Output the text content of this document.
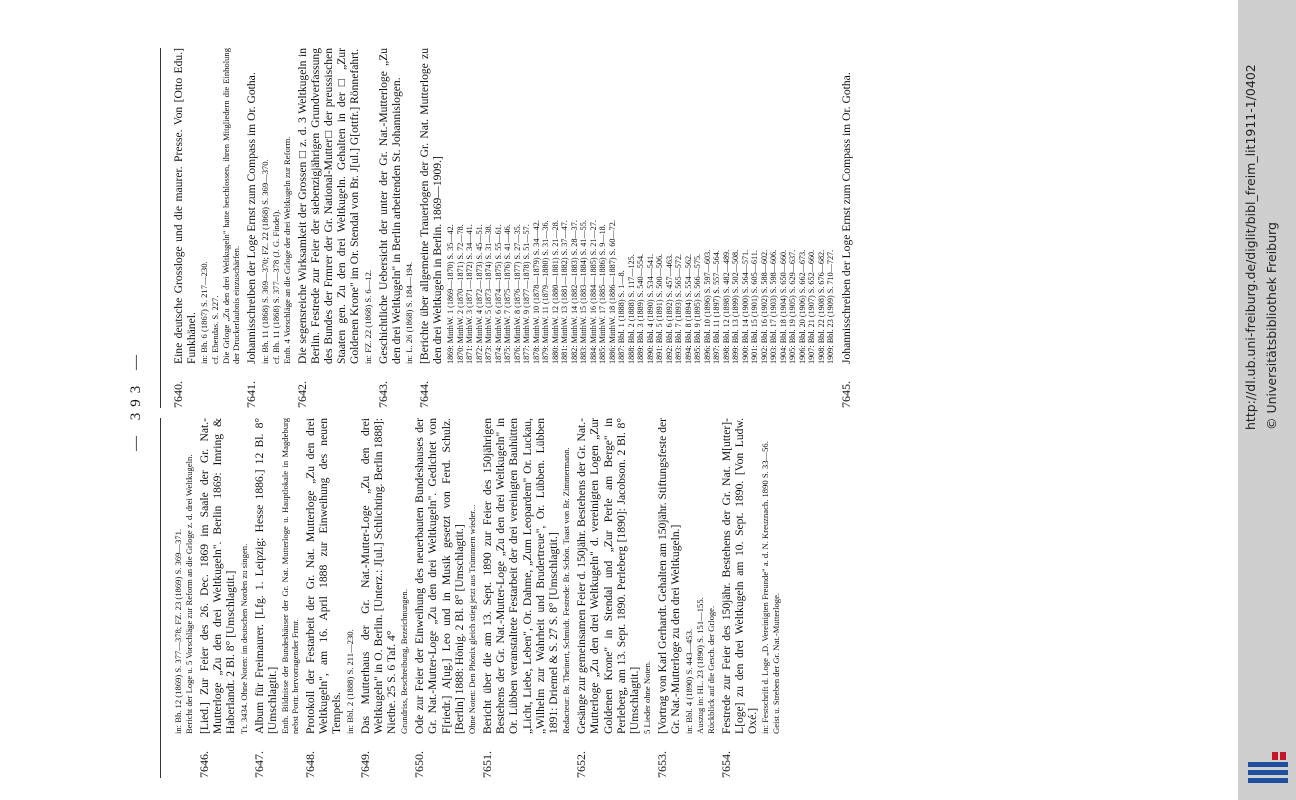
— 393 —	7640.
Eine deutsche Grossloge und die maurer. Presse. Von [Otto Edu.] Funkhänel. in: Bh. 6 (1867) S. 217—230. cf. Ebendas. S. 227. Die Grloge „Zu den drei Weltkugeln" hatte beschlossen, ihren Mitgliedern die Einholung der Druckerlaubnis einzuschärfen.
7641.
Johannisschreiben der Loge Ernst zum Compass im Or. Gotha. in: Bh. 11 (1868) S. 369—370; FZ. 22 (1868) S. 369—370. cf. Bh. 11 (1868) S. 377—378 (J. G. Findel). Enth. 4 Vorschläge an die Grloge der drei Weltkugeln zur Reform.
7642.
Die segensreiche Wirksamkeit der Grossen □ z. d. 3 Weltkugeln in Berlin. Festrede zur Feier der siebenzigjährigen Grundverfassung des Bundes der Frmrer der Gr. National-Mutter□ der preussischen Staaten gen. Zu den drei Weltkugeln. Gehalten in der □ „Zur Goldenen Krone" im Or. Stendal von Br. J[ul.] G[ottfr.] Rönnefahrt. in: FZ. 22 (1868) S. 6—12.
7643.
Geschichtliche Uebersicht der unter der Gr. Nat.-Mutterloge „Zu den drei Weltkugeln" in Berlin arbeitenden St. Johannislogen. in: L. 26 (1868) S. 184—194.
7644.
[Berichte über allgemeine Trauerlogen der Gr. Nat. Mutterloge zu den drei Weltkugeln in Berlin. 1869—1909.] 1869: MitthW. 1 (1869—1870) S. 35—42. 1870: MitthW. 2 (1870—1871) S. 72—78. 1871: MitthW. 3 (1871—1872) S. 34—41. 1872: MitthW. 4 (1872—1873) S. 45—51. 1873: MitthW. 5 (1873—1874) S. 31—38. 1874: MitthW. 6 (1874—1875) S. 55—61. 1875: MitthW. 7 (1875—1876) S. 41—46. 1876: MitthW. 8 (1876—1877) S. 27—35. 1877: MitthW. 9 (1877—1878) S. 51—57. 1878: MitthW. 10 (1878—1879) S. 34—42. 1879: MitthW. 11 (1879—1880) S. 31—36. 1880: MitthW. 12 (1880—1881) S. 21—28. 1881: MitthW. 13 (1881—1882) S. 37—47. 1882: MitthW. 14 (1882—1883) S. 28—37. 1883: MitthW. 15 (1883—1884) S. 41—55. 1884: MitthW. 16 (1884—1885) S. 21—27. 1885: MitthW. 17 (1885—1886) S. 9—18. 1886: MitthW. 18 (1886—1887) S. 60—72. 1887: Bbl. 1 (1888) S. 1—8. 1888: Bbl. 2 (1888) S. 117—125. 1889: Bbl. 3 (1889) S. 540—554. 1890: Bbl. 4 (1890) S. 534—541. 1891: Bbl. 5 (1891) S. 500—506. 1892: Bbl. 6 (1892) S. 457—463. 1893: Bbl. 7 (1893) S. 565—572. 1894: Bbl. 8 (1894) S. 554—562. 1895: Bbl. 9 (1895) S. 566—575. 1896: Bbl. 10 (1896) S. 597—603. 1897: Bbl. 11 (1897) S. 557—564. 1898: Bbl. 12 (1898) S. 482—489. 1899: Bbl. 13 (1899) S. 502—508. 1900: Bbl. 14 (1900) S. 564—571. 1901: Bbl. 15 (1901) S. 605—611. 1902: Bbl. 16 (1902) S. 588—602. 1903: Bbl. 17 (1903) S. 598—606. 1904: Bbl. 18 (1904) S. 650—660. 1905: Bbl. 19 (1905) S. 629—637. 1906: Bbl. 20 (1906) S. 662—673. 1907: Bbl. 21 (1907) S. 652—660. 1908: Bbl. 22 (1908) S. 676—682. 1909: Bbl. 23 (1909) S. 710—727.
7645.
Johannisschreiben der Loge Ernst zum Compass im Or. Gotha.
in: Bh. 12 (1869) S. 377—378; FZ. 23 (1869) S. 369—371. Bericht der Loge u. 5 Vorschläge zur Reform an die Grloge z. d. drei Weltkugeln.
7646.
[Lied.] Zur Feier des 26. Dec. 1869 im Saale der Gr. Nat.-Mutterloge „Zu den drei Weltkugeln". Berlin 1869: Imring & Haberlandt. 2 Bl. 8° [Umschlagtit.] Tt. 3434. Ohne Noten: im deutschen Norden zu singen.
7647.
Album für Freimaurer. [Lfg. 1. Leipzig: Hesse 1886.] 12 Bl. 8° [Umschlagtit.] Enth. Bildnisse der Bundeshäuser der Gr. Nat. Mutterloge u. Hauptlokale in Magdeburg nebst Portr. hervorragender Frmr.
7648.
Protokoll der Festarbeit der Gr. Nat. Mutterloge „Zu den drei Weltkugeln", am 16. April 1888 zur Einweihung des neuen Tempels. in: Bbl. 2 (1888) S. 211—230.
7649.
Das Mutterhaus der Gr. Nat.-Mutter-Loge „Zu den drei Weltkugeln" in O. Berlin. [Unterz.: J[ul.] Schlichting. Berlin 1888]: Niethe. 25 S. 6 Taf. 4° Grundriss, Beschreibung, Bezeichnungen.
7650.
Ode zur Feier der Einweihung des neuerbauten Bundeshauses der Gr. Nat.-Mutter-Loge „Zu den drei Weltkugeln". Gedichtet von F[riedr.] A[ug.] Leo und in Musik gesetzt von Ferd. Schulz. [Berlin] 1888: Hönig. 2 Bl. 8° [Umschlagtit.] Ohne Noten: Den Phönix gleich stieg jetzt aus Trümmern wieder...
7651.
Bericht über die am 13. Sept. 1890 zur Feier des 150jährigen Bestehens der Gr. Nat.-Mutter-Loge „Zu den drei Weltkugeln" in Or. Lübben veranstaltete Festarbeit der drei vereinigten Bauhütten „Licht, Liebe, Leben", Or. Dahme, „Zum Leopardem" Or. Luckau, „Wilhelm zur Wahrheit und Brudertreue", Or. Lübben. Lübben 1891: Driemel & S. 27 S. 8° [Umschlagtit.] Redacteur: Br. Theinert, Schmidt. Festrede: Br. Schön. Toast von Br. Zimmermann.
7652.
Gesänge zur gemeinsamen Feier d. 150jähr. Bestehens der Gr. Nat.-Mutterloge „Zu den drei Weltkugeln" d. vereinigten Logen „Zur Goldenen Krone" in Stendal und „Zur Perle am Berge" in Perleberg, am 13. Sept. 1890. Perleberg [1890]: Jacobson. 2 Bl. 8° [Umschlagtit.] 5 Lieder ohne Noten.
7653.
[Vortrag von Karl Gerhardt. Gehalten am 150jähr. Stiftungsfeste der Gr. Nat.-Mutterloge zu den drei Weltkugeln.] in: Bbl. 4 (1890) S. 443—453. Auszug in: HL. 23 (1890) S. 151—155. Rückblick auf die Gesch. der Grloge.
7654.
Festrede zur Feier des 150jähr. Bestehens der Gr. Nat. M[utter]-L[oge] zu den drei Weltkugeln am 10. Sept. 1890. [Von Ludw. Oxé.] in: Festschrift d. Loge „D. Vereinigten Freunde" a. d. N. Kreuznach. 1890 S. 33—56. Geist u. Streben der Gr. Nat.-Mutterloge.
http://dl.ub.uni-freiburg.de/diglit/bibl_freim_lit1911-1/0402 © Universitätsbibliothek Freiburg
